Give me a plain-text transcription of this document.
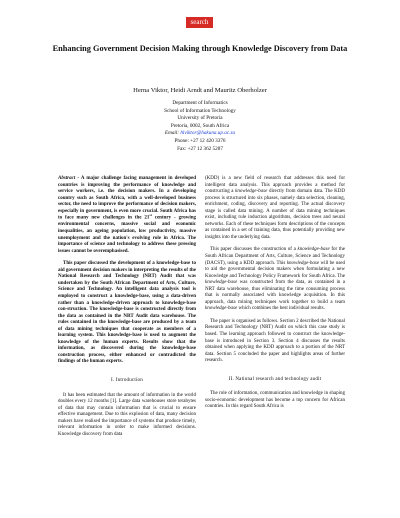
search
Enhancing Government Decision Making through Knowledge Discovery from Data
Herna Viktor, Heidi Arndt and Mauritz Oberholzer
Department of Informatics
School of Information Technology
University of Pretoria
Pretoria, 0002, South Africa
Email: hlviktor@hakuna.up.ac.za
Phone: +27 12 420 3376
Fax: +27 12 362 5287

Abstract - A major challenge facing management in developed countries is improving the performance of knowledge and service workers, i.e. the decision makers. In a developing country such as South Africa, with a well-developed business sector, the need to improve the performance of decision makers, especially in government, is even more crucial. South Africa has to face many new challenges in the 21st century - growing environmental concerns, massive social and economic inequalities, an ageing population, low productivity, massive unemployment and the nation's evolving role in Africa. The importance of science and technology to address these pressing issues cannot be overemphasised.

This paper discussed the development of a knowledge-base to aid government decision makers in interpreting the results of the National Research and Technology (NRT) Audit that was undertaken by the South African Department of Arts, Culture, Science and Technology. An intelligent data analysis tool is employed to construct a knowledge-base, using a data-driven rather than a knowledge-driven approach to knowledge-base con-struction. The knowledge-base is constructed directly from the data as contained in the NRT Audit data warehouse. The rules contained in the knowledge-base are produced by a team of data mining techniques that cooperate as members of a learning system. This knowledge-base is used to augment the knowledge of the human experts. Results show that the information, as discovered during the knowledge-base construction process, either enhanced or contradicted the findings of the human experts.

I. Introduction

It has been estimated that the amount of information in the world doubles every 12 months [1]. Large data warehouses store terabytes of data that may contain information that is crucial to ensure effective management. Due to this explosion of data, many decision makers have realised the importance of systems that produce timely, relevant information in order to make informed decisions. Knowledge discovery from data

(KDD) is a new field of research that addresses this need for intelligent data analysis. This approach provides a method for constructing a knowledge-base directly from domain data. The KDD process is structured into six phases, namely data selection, cleaning, enrichment, coding, discovery and reporting. The actual discovery stage is called data mining. A number of data mining techniques exist, including rule induction algorithms, decision trees and neural networks. Each of these techniques form descriptions of the concepts as contained in a set of training data, thus potentially providing new insights into the underlying data.

This paper discusses the construction of a knowledge-base for the South African Department of Arts, Culture, Science and Technology (DACST), using a KDD approach. This knowledge-base will be used to aid the governmental decision makers when formulating a new Knowledge and Technology Policy Framework for South Africa. The knowledge-base was constructed from the data, as contained in a NRT data warehouse, thus eliminating the time consuming process that is normally associated with knowledge acquisition. In this approach, data mining techniques work together to build a team knowledge-base which combines the best individual results.

The paper is organised as follows. Section 2 described the National Research and Technology (NRT) Audit on which this case study is based. The learning approach followed to construct the knowledge-base is introduced in Section 3. Section 4 discusses the results obtained when applying the KDD approach to a portion of the NRT data. Section 5 concluded the paper and highlights areas of further research.

II. National research and technology audit

The role of information, communication and knowledge in shaping socio-economic development has become a top concern for African countries. In this regard South Africa is
